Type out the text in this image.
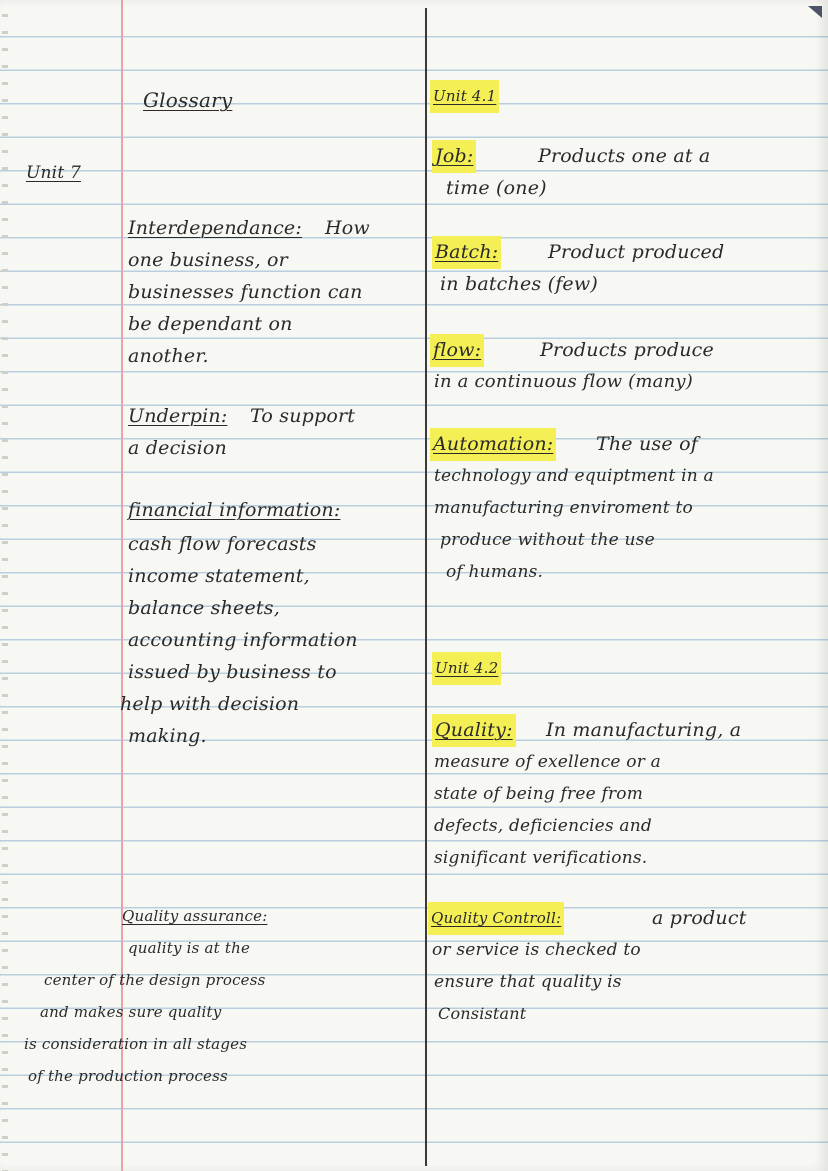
Glossary
Unit 7
Interdependance: How
one business, or
businesses function can
be dependant on
another.
Underpin: To support
a decision
financial information:
cash flow forecasts
income statement,
balance sheets,
accounting information
issued by business to
help with decision
making.
Quality assurance:
quality is at the
center of the design process
and makes sure quality
is consideration in all stages
of the production process
Unit 4.1
Job:	Products one at a
time (one)
Batch:	Product produced
in batches (few)
flow:	Products produce
in a continuous flow (many)
Automation: The use of
technology and equiptment in a
manufacturing enviroment to
produce without the use
of humans.
Unit 4.2
Quality: In manufacturing, a
measure of exellence or a
state of being free from
defects, deficiencies and
significant verifications.
Quality Controll:	a product
or service is checked to
ensure that quality is
Consistant
